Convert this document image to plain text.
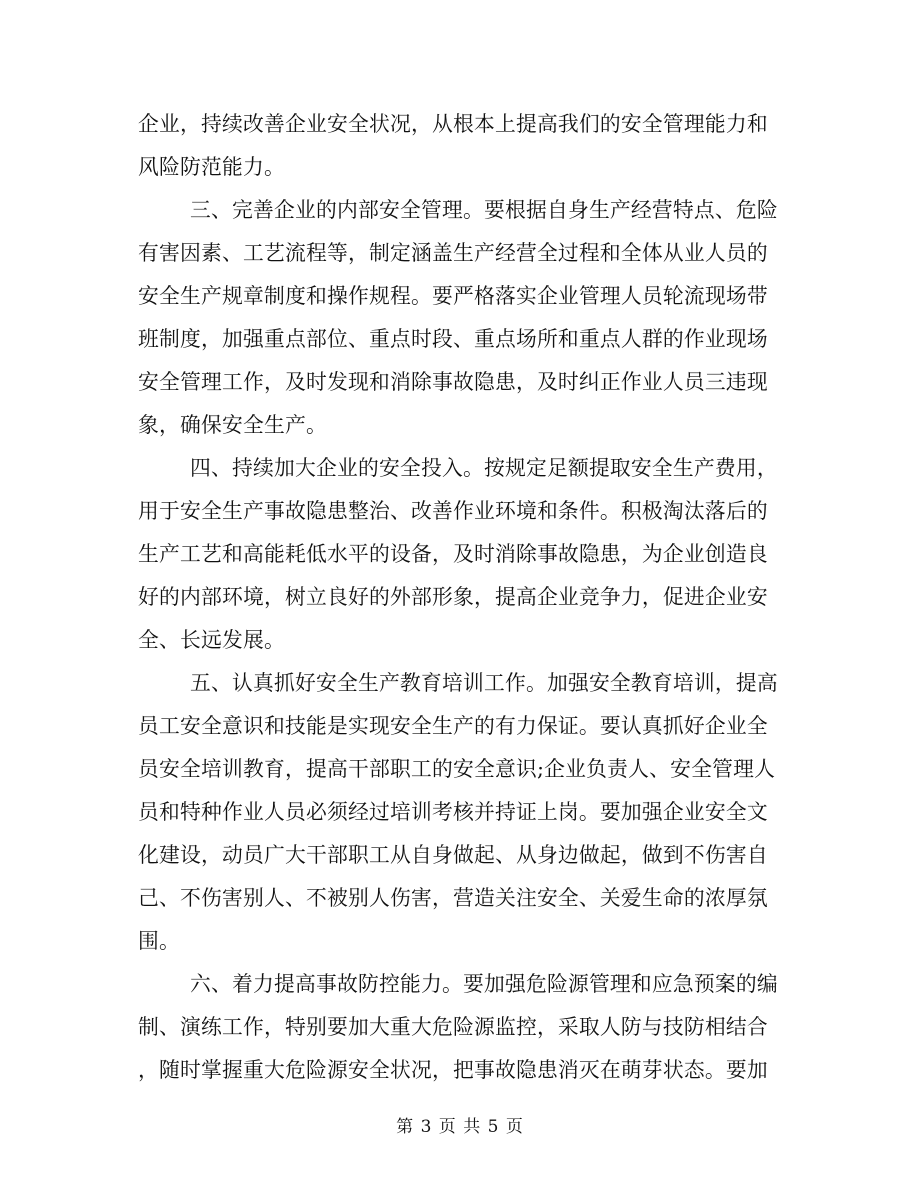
企业，持续改善企业安全状况，从根本上提高我们的安全管理能力和
风险防范能力。
三、完善企业的内部安全管理。要根据自身生产经营特点、危险
有害因素、工艺流程等，制定涵盖生产经营全过程和全体从业人员的
安全生产规章制度和操作规程。要严格落实企业管理人员轮流现场带
班制度，加强重点部位、重点时段、重点场所和重点人群的作业现场
安全管理工作，及时发现和消除事故隐患，及时纠正作业人员三违现
象，确保安全生产。
四、持续加大企业的安全投入。按规定足额提取安全生产费用，
用于安全生产事故隐患整治、改善作业环境和条件。积极淘汰落后的
生产工艺和高能耗低水平的设备，及时消除事故隐患，为企业创造良
好的内部环境，树立良好的外部形象，提高企业竞争力，促进企业安
全、长远发展。
五、认真抓好安全生产教育培训工作。加强安全教育培训，提高
员工安全意识和技能是实现安全生产的有力保证。要认真抓好企业全
员安全培训教育，提高干部职工的安全意识;企业负责人、安全管理人
员和特种作业人员必须经过培训考核并持证上岗。要加强企业安全文
化建设，动员广大干部职工从自身做起、从身边做起，做到不伤害自
己、不伤害别人、不被别人伤害，营造关注安全、关爱生命的浓厚氛
围。
六、着力提高事故防控能力。要加强危险源管理和应急预案的编
制、演练工作，特别要加大重大危险源监控，采取人防与技防相结合
，随时掌握重大危险源安全状况，把事故隐患消灭在萌芽状态。要加
第 3 页 共 5 页
